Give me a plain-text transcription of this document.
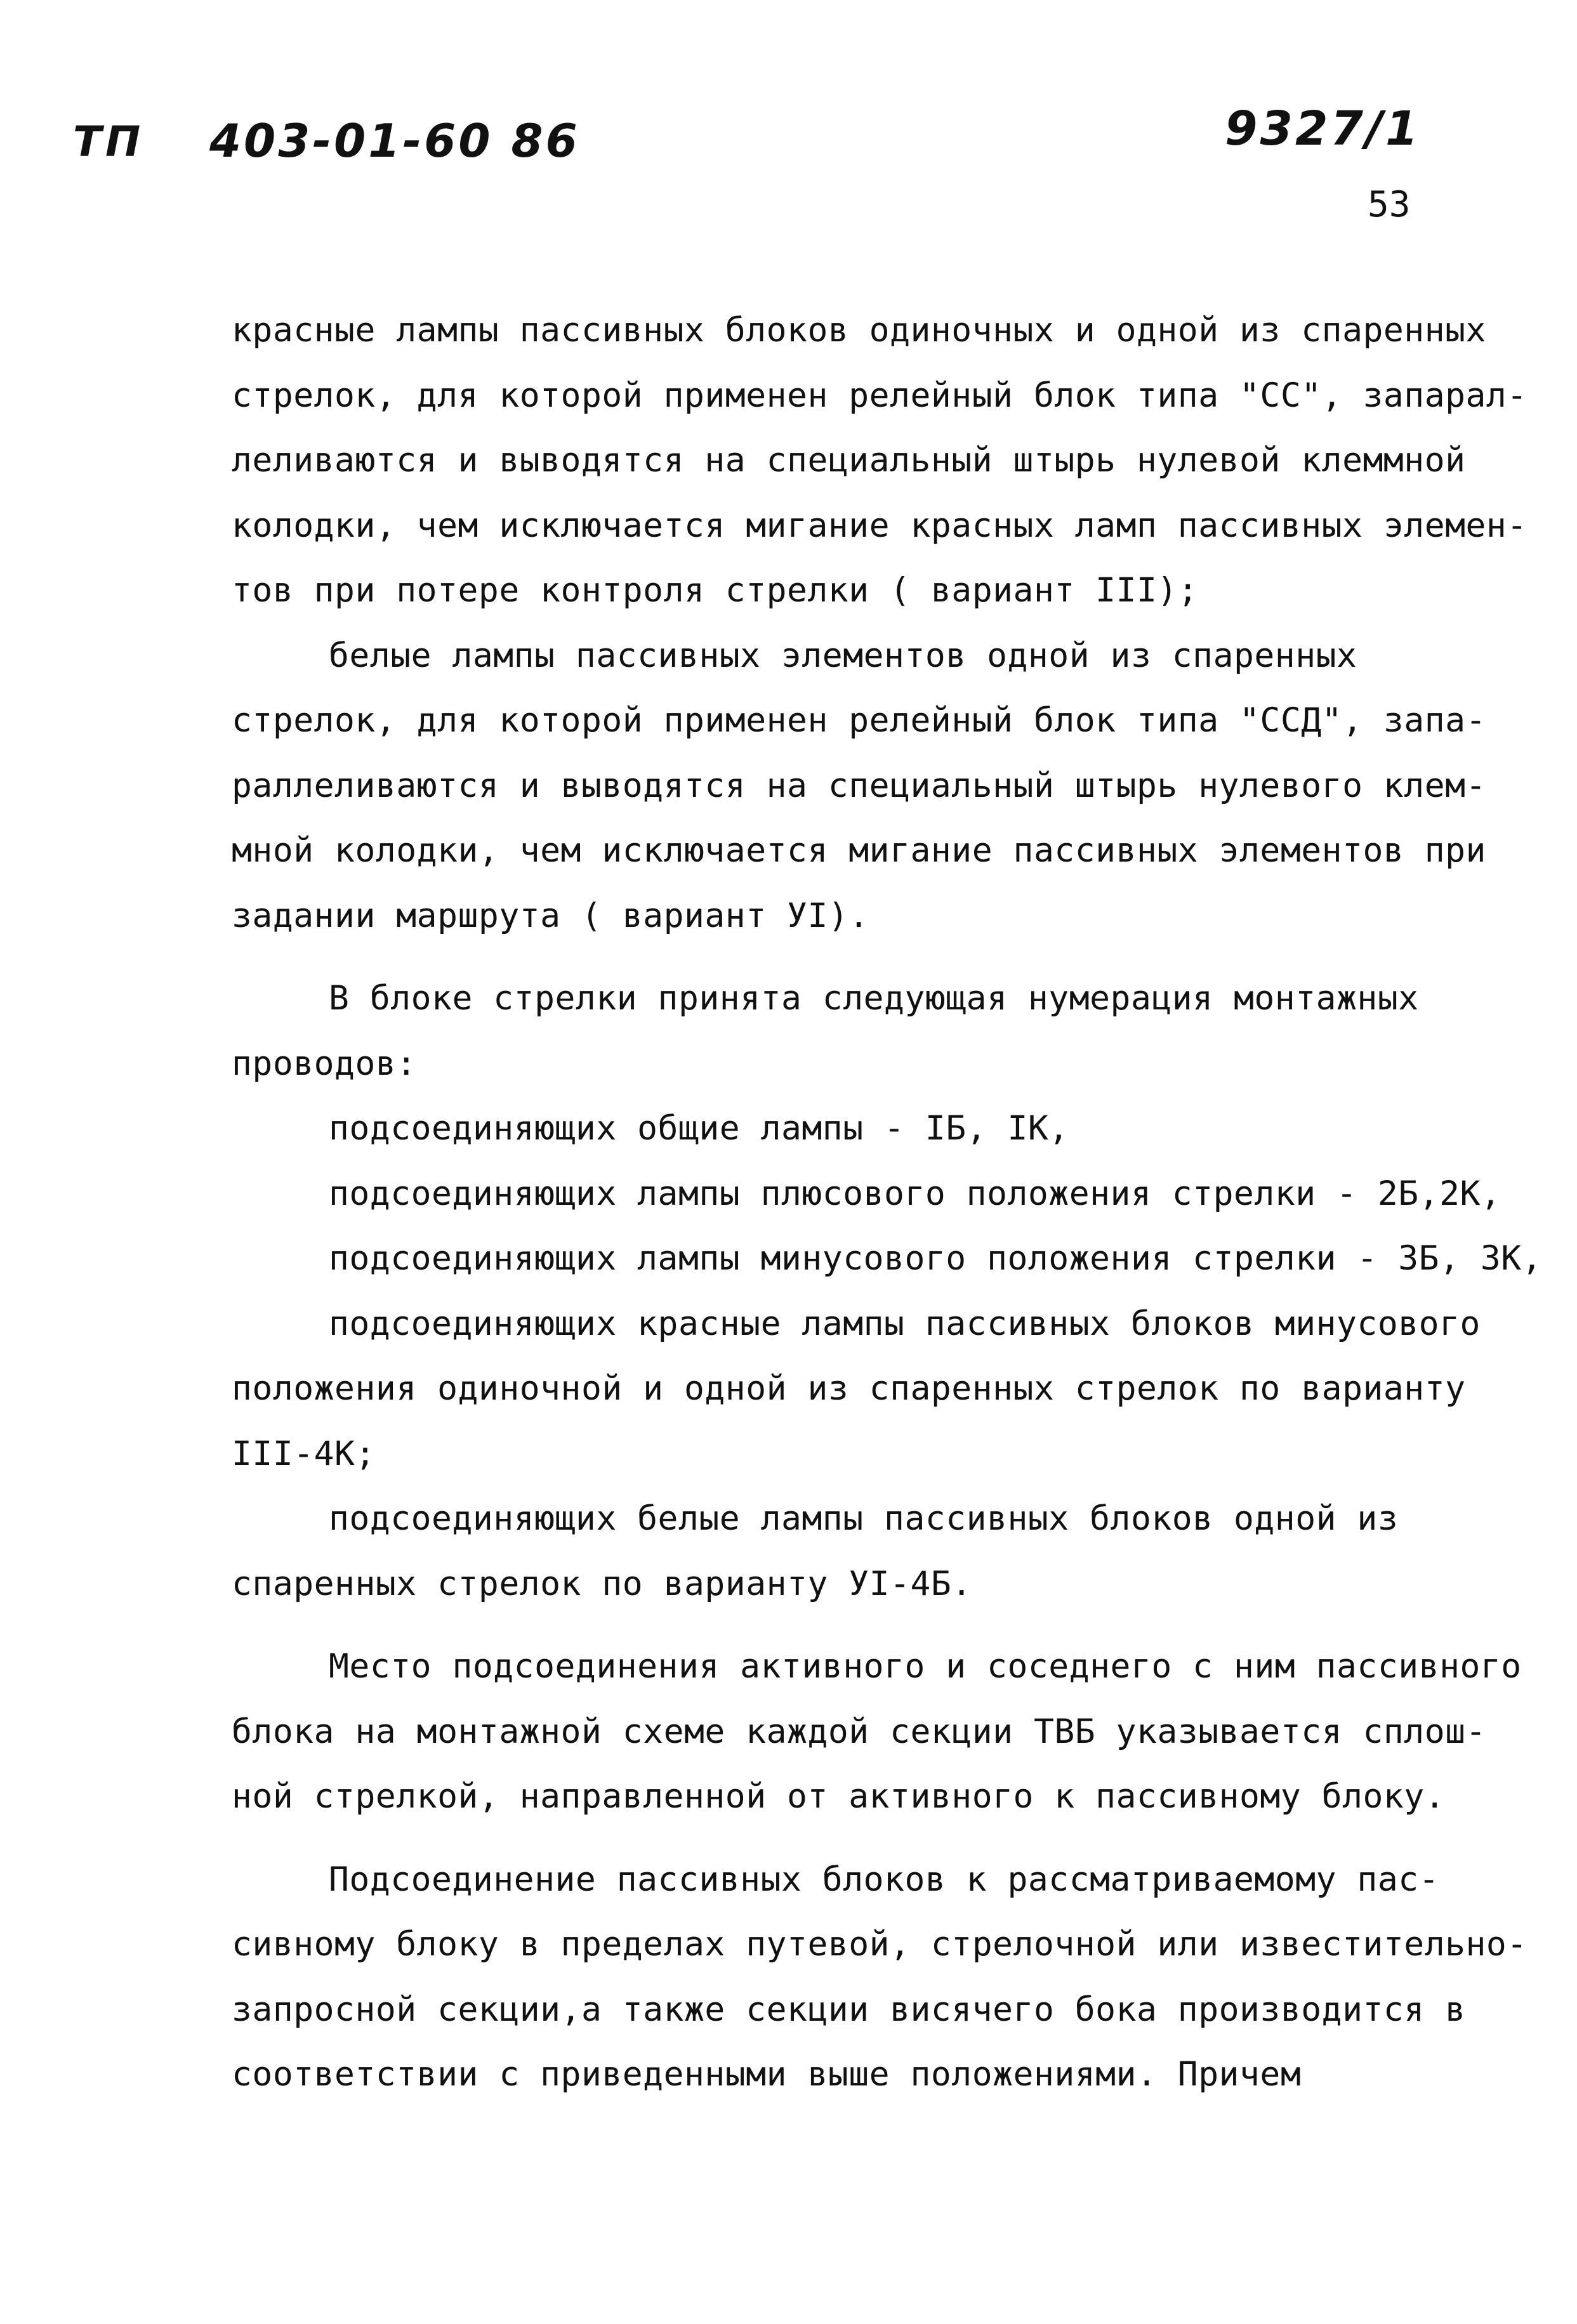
ТП 403-01-60 86	9327/1
53
красные лампы пассивных блоков одиночных и одной из спаренных
стрелок, для которой применен релейный блок типа "СС", запарал-
леливаются и выводятся на специальный штырь нулевой клеммной
колодки, чем исключается мигание красных ламп пассивных элемен-
тов при потере контроля стрелки ( вариант III);
белые лампы пассивных элементов одной из спаренных
стрелок, для которой применен релейный блок типа "ССД", запа-
раллеливаются и выводятся на специальный штырь нулевого клем-
мной колодки, чем исключается мигание пассивных элементов при
задании маршрута ( вариант УI).
В блоке стрелки принята следующая нумерация монтажных
проводов:
подсоединяющих общие лампы - IБ, IК,
подсоединяющих лампы плюсового положения стрелки - 2Б,2К,
подсоединяющих лампы минусового положения стрелки - 3Б, 3К,
подсоединяющих красные лампы пассивных блоков минусового
положения одиночной и одной из спаренных стрелок по варианту
III-4К;
подсоединяющих белые лампы пассивных блоков одной из
спаренных стрелок по варианту УI-4Б.
Место подсоединения активного и соседнего с ним пассивного
блока на монтажной схеме каждой секции ТВБ указывается сплош-
ной стрелкой, направленной от активного к пассивному блоку.
Подсоединение пассивных блоков к рассматриваемому пас-
сивному блоку в пределах путевой, стрелочной или известительно-
запросной секции,а также секции висячего бока производится в
соответствии с приведенными выше положениями. Причем
